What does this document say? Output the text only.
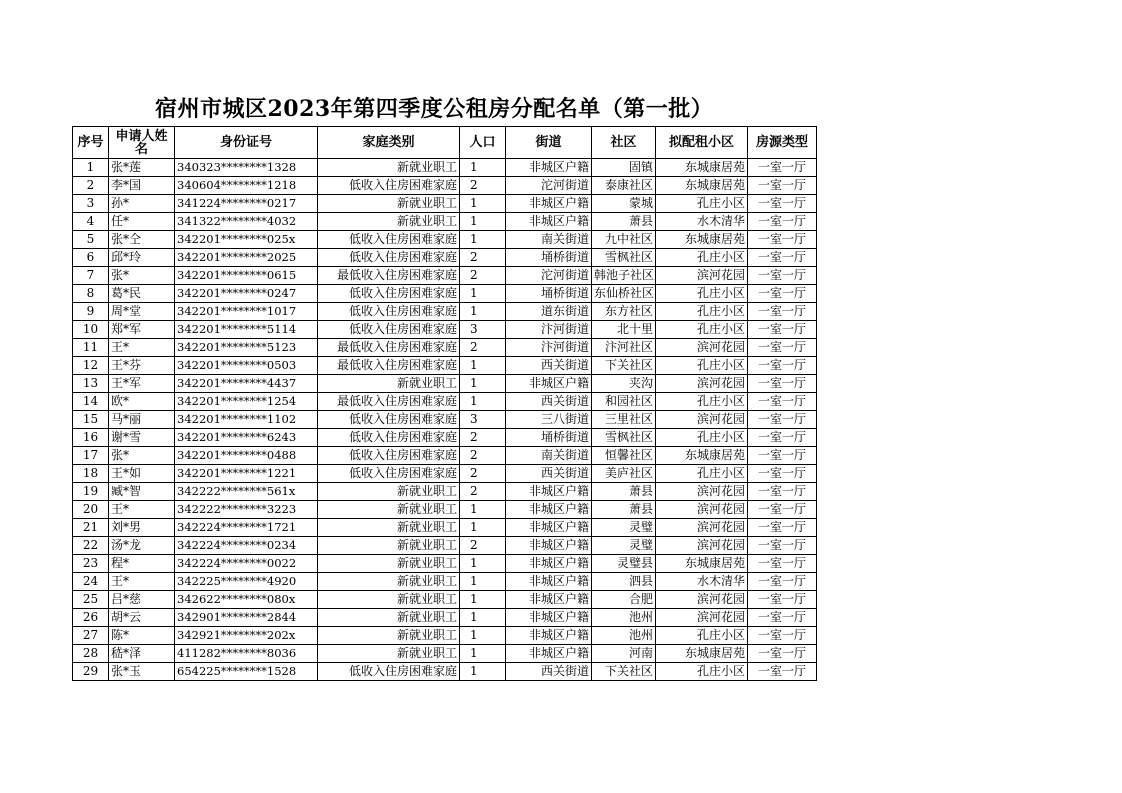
宿州市城区2023年第四季度公租房分配名单（第一批）
序号	申请人姓名	身份证号	家庭类别	人口	街道	社区	拟配租小区	房源类型
1	张*莲	340323********1328	新就业职工	1	非城区户籍	固镇	东城康居苑	一室一厅
2	李*国	340604********1218	低收入住房困难家庭	2	沱河街道	泰康社区	东城康居苑	一室一厅
3	孙*	341224********0217	新就业职工	1	非城区户籍	蒙城	孔庄小区	一室一厅
4	任*	341322********4032	新就业职工	1	非城区户籍	萧县	水木清华	一室一厅
5	张*仝	342201********025x	低收入住房困难家庭	1	南关街道	九中社区	东城康居苑	一室一厅
6	邱*玲	342201********2025	低收入住房困难家庭	2	埇桥街道	雪枫社区	孔庄小区	一室一厅
7	张*	342201********0615	最低收入住房困难家庭	2	沱河街道	韩池子社区	滨河花园	一室一厅
8	葛*民	342201********0247	低收入住房困难家庭	1	埇桥街道	东仙桥社区	孔庄小区	一室一厅
9	周*堂	342201********1017	低收入住房困难家庭	1	道东街道	东方社区	孔庄小区	一室一厅
10	郑*军	342201********5114	低收入住房困难家庭	3	汴河街道	北十里	孔庄小区	一室一厅
11	王*	342201********5123	最低收入住房困难家庭	2	汴河街道	汴河社区	滨河花园	一室一厅
12	王*芬	342201********0503	最低收入住房困难家庭	1	西关街道	下关社区	孔庄小区	一室一厅
13	王*军	342201********4437	新就业职工	1	非城区户籍	夹沟	滨河花园	一室一厅
14	欧*	342201********1254	最低收入住房困难家庭	1	西关街道	和园社区	孔庄小区	一室一厅
15	马*丽	342201********1102	低收入住房困难家庭	3	三八街道	三里社区	滨河花园	一室一厅
16	谢*雪	342201********6243	低收入住房困难家庭	2	埇桥街道	雪枫社区	孔庄小区	一室一厅
17	张*	342201********0488	低收入住房困难家庭	2	南关街道	恒馨社区	东城康居苑	一室一厅
18	王*如	342201********1221	低收入住房困难家庭	2	西关街道	美庐社区	孔庄小区	一室一厅
19	臧*智	342222********561x	新就业职工	2	非城区户籍	萧县	滨河花园	一室一厅
20	王*	342222********3223	新就业职工	1	非城区户籍	萧县	滨河花园	一室一厅
21	刘*男	342224********1721	新就业职工	1	非城区户籍	灵璧	滨河花园	一室一厅
22	汤*龙	342224********0234	新就业职工	2	非城区户籍	灵璧	滨河花园	一室一厅
23	程*	342224********0022	新就业职工	1	非城区户籍	灵璧县	东城康居苑	一室一厅
24	王*	342225********4920	新就业职工	1	非城区户籍	泗县	水木清华	一室一厅
25	吕*慈	342622********080x	新就业职工	1	非城区户籍	合肥	滨河花园	一室一厅
26	胡*云	342901********2844	新就业职工	1	非城区户籍	池州	滨河花园	一室一厅
27	陈*	342921********202x	新就业职工	1	非城区户籍	池州	孔庄小区	一室一厅
28	嵇*泽	411282********8036	新就业职工	1	非城区户籍	河南	东城康居苑	一室一厅
29	张*玉	654225********1528	低收入住房困难家庭	1	西关街道	下关社区	孔庄小区	一室一厅
